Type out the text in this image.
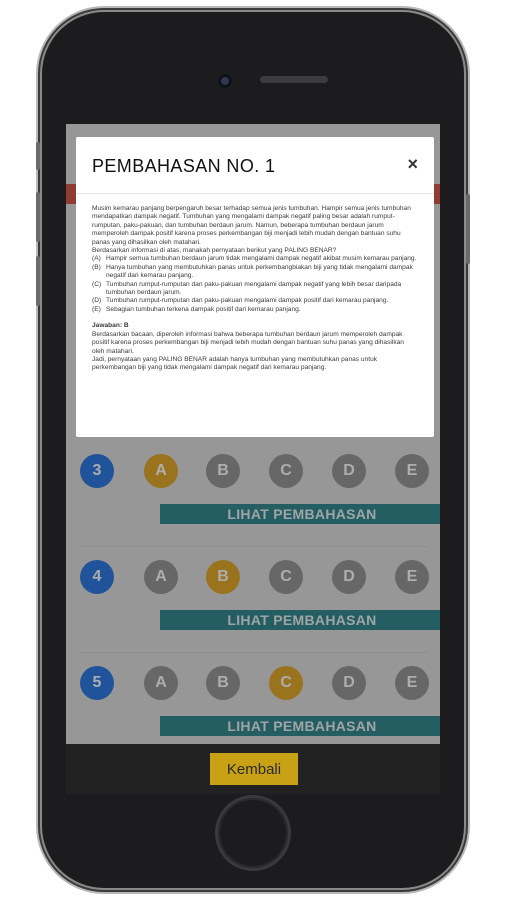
3	A	B	C	D	E
LIHAT PEMBAHASAN
4	A	B	C	D	E
LIHAT PEMBAHASAN
5	A	B	C	D	E
LIHAT PEMBAHASAN
PEMBAHASAN NO. 1	×

Musim kemarau panjang berpengaruh besar terhadap semua jenis tumbuhan. Hampir semua jenis tumbuhan mendapatkan dampak negatif. Tumbuhan yang mengalami dampak negatif paling besar adalah rumput-rumputan, paku-pakuan, dan tumbuhan berdaun jarum. Namun, beberapa tumbuhan berdaun jarum memperoleh dampak positif karena proses perkembangan biji menjadi lebih mudah dengan bantuan suhu panas yang dihasilkan oleh matahari.

Berdasarkan informasi di atas, manakah pernyataan berikut yang PALING BENAR?

(A) Hampir semua tumbuhan berdaun jarum tidak mengalami dampak negatif akibat musim kemarau panjang.
(B) Hanya tumbuhan yang membutuhkan panas untuk perkembangbiakan biji yang tidak mengalami dampak negatif dari kemarau panjang.
(C) Tumbuhan rumput-rumputan dan paku-pakuan mengalami dampak negatif yang lebih besar daripada tumbuhan berdaun jarum.
(D) Tumbuhan rumput-rumputan dan paku-pakuan mengalami dampak positif dari kemarau panjang.
(E) Sebagian tumbuhan terkena dampak positif dari kemarau panjang.

Jawaban: B

Berdasarkan bacaan, diperoleh informasi bahwa beberapa tumbuhan berdaun jarum memperoleh dampak positif karena proses perkembangan biji menjadi lebih mudah dengan bantuan suhu panas yang dihasilkan oleh matahari.

Jadi, pernyataan yang PALING BENAR adalah hanya tumbuhan yang membutuhkan panas untuk perkembangan biji yang tidak mengalami dampak negatif dari kemarau panjang.

Kembali
